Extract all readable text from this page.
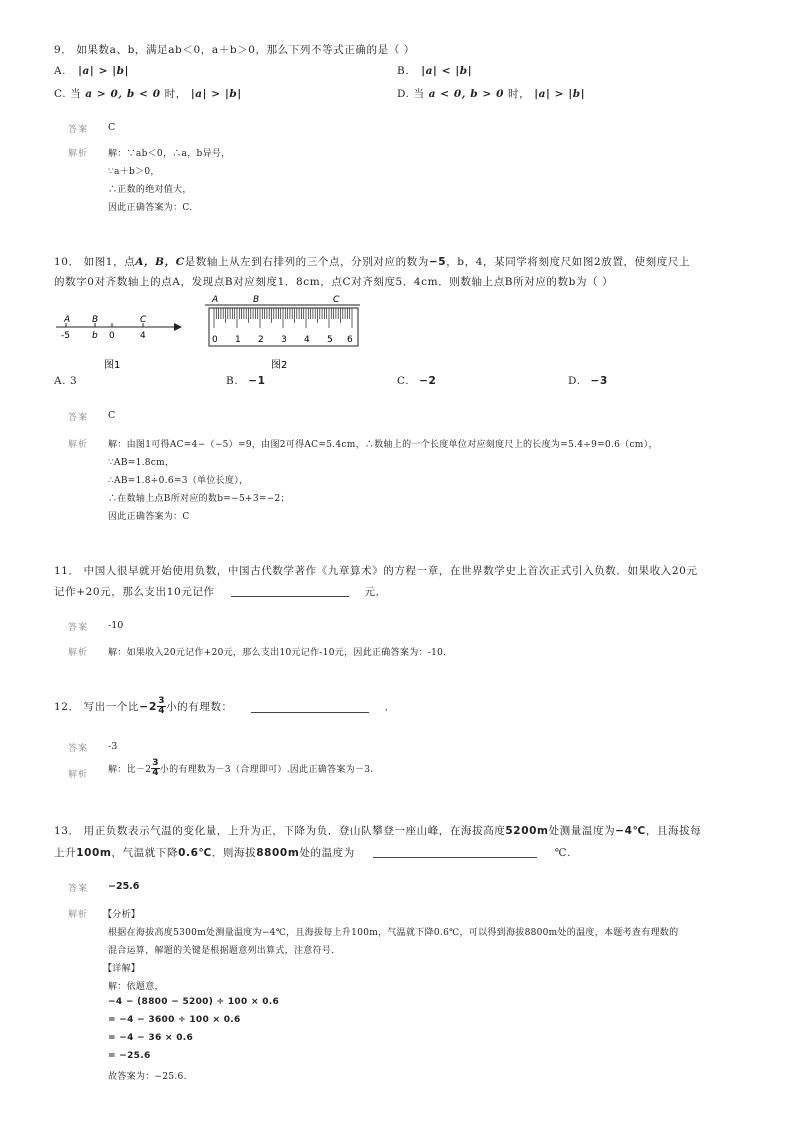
9． 如果数a、b，满足ab＜0，a＋b＞0，那么下列不等式正确的是（ ）
A. |a| > |b|	B. |a| < |b|
C. 当 a > 0, b < 0 时， |a| > |b|	D. 当 a < 0, b > 0 时， |a| > |b|
答案 C
解析 解：∵ab＜0，∴a，b异号，
∵a＋b＞0，
∴正数的绝对值大，
因此正确答案为：C.
10． 如图1，点A，B，C是数轴上从左到右排列的三个点，分别对应的数为−5，b，4，某同学将刻度尺如图2放置，使刻度尺上
的数字0对齐数轴上的点A，发现点B对应刻度1．8cm，点C对齐刻度5．4cm．则数轴上点B所对应的数b为（ ）
A B	C
-5 b 0	4
图1
A	B	C
0 1 2 3 4 5 6
图2
A. 3	B. −1	C. −2	D. −3
答案 C
解析 解：由图1可得AC=4−（−5）=9，由图2可得AC=5.4cm，∴数轴上的一个长度单位对应刻度尺上的长度为=5.4÷9=0.6（cm），
∵AB=1.8cm，
∴AB=1.8÷0.6=3（单位长度），
∴在数轴上点B所对应的数b=−5+3=−2；
因此正确答案为：C
11． 中国人很早就开始使用负数，中国古代数学著作《九章算术》的方程一章，在世界数学史上首次正式引入负数．如果收入20元
记作+20元，那么支出10元记作	元．
答案 -10
解析 解：如果收入20元记作+20元，那么支出10元记作-10元，因此正确答案为：-10．
12． 写出一个比$-2 \frac{3}{4}$ 小的有理数：	．
答案 -3
解析 解：比$-2 \frac{3}{4}$ 小的有理数为－3（合理即可）.因此正确答案为－3.
13． 用正负数表示气温的变化量，上升为正，下降为负．登山队攀登一座山峰，在海拔高度5200m处测量温度为−4℃，且海拔每
上升100m，气温就下降0.6℃．则海拔8800m处的温度为	℃.
答案 −25.6
解析 【分析】
根据在海拔高度5300m处测量温度为−4℃，且海拔每上升100m，气温就下降0.6℃，可以得到海拔8800m处的温度，本题考查有理数的
混合运算，解题的关键是根据题意列出算式，注意符号．
【详解】
解：依题意，
−4 − (8800 − 5200) ÷ 100 × 0.6
= −4 − 3600 ÷ 100 × 0.6
= −4 − 36 × 0.6
= −25.6
故答案为：−25.6.
